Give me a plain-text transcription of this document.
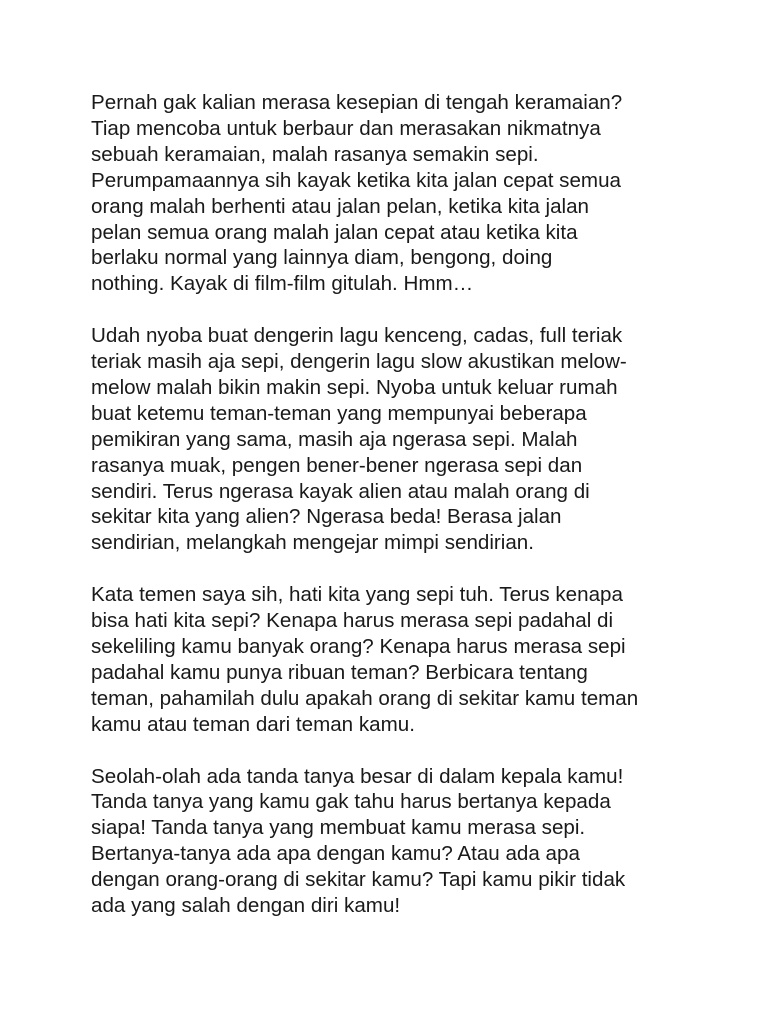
Pernah gak kalian merasa kesepian di tengah keramaian?
Tiap mencoba untuk berbaur dan merasakan nikmatnya
sebuah keramaian, malah rasanya semakin sepi.
Perumpamaannya sih kayak ketika kita jalan cepat semua
orang malah berhenti atau jalan pelan, ketika kita jalan
pelan semua orang malah jalan cepat atau ketika kita
berlaku normal yang lainnya diam, bengong, doing
nothing. Kayak di film-film gitulah. Hmm…

Udah nyoba buat dengerin lagu kenceng, cadas, full teriak
teriak masih aja sepi, dengerin lagu slow akustikan melow-
melow malah bikin makin sepi. Nyoba untuk keluar rumah
buat ketemu teman-teman yang mempunyai beberapa
pemikiran yang sama, masih aja ngerasa sepi. Malah
rasanya muak, pengen bener-bener ngerasa sepi dan
sendiri. Terus ngerasa kayak alien atau malah orang di
sekitar kita yang alien? Ngerasa beda! Berasa jalan
sendirian, melangkah mengejar mimpi sendirian.

Kata temen saya sih, hati kita yang sepi tuh. Terus kenapa
bisa hati kita sepi? Kenapa harus merasa sepi padahal di
sekeliling kamu banyak orang? Kenapa harus merasa sepi
padahal kamu punya ribuan teman? Berbicara tentang
teman, pahamilah dulu apakah orang di sekitar kamu teman
kamu atau teman dari teman kamu.

Seolah-olah ada tanda tanya besar di dalam kepala kamu!
Tanda tanya yang kamu gak tahu harus bertanya kepada
siapa! Tanda tanya yang membuat kamu merasa sepi.
Bertanya-tanya ada apa dengan kamu? Atau ada apa
dengan orang-orang di sekitar kamu? Tapi kamu pikir tidak
ada yang salah dengan diri kamu!
